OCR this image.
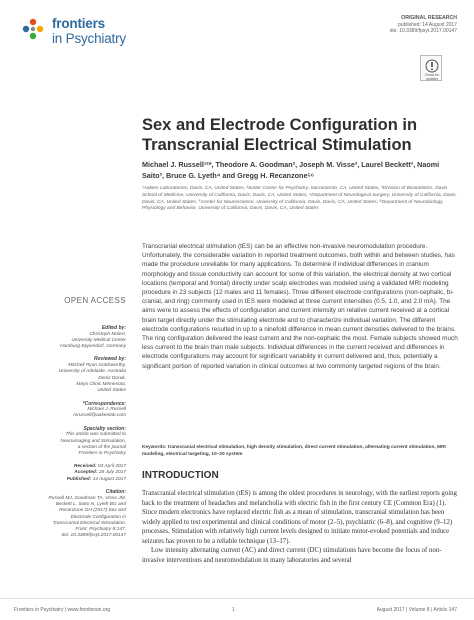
frontiers
in Psychiatry
ORIGINAL RESEARCH
published: 14 August 2017
doi: 10.3389/fpsyt.2017.00147
Check for
updates
Sex and Electrode Configuration in Transcranial Electrical Stimulation
Michael J. Russell¹²*, Theodore A. Goodman², Joseph M. Visse³, Laurel Beckett³, Naomi Saito³, Bruce G. Lyeth⁴ and Gregg H. Recanzone⁵⁶
¹Aakien Laboratories, Davis, CA, United States, ²Sutter Center for Psychiatry, Sacramento, CA, United States, ³Division of Biostatistics, Davis School of Medicine, University of California, Davis, Davis, CA, United States, ⁴Department of Neurological Surgery, University of California, Davis, Davis, CA, United States, ⁵Center for Neuroscience, University of California, Davis, Davis, CA, United States, ⁶Department of Neurobiology, Physiology and Behavior, University of California, Davis, Davis, CA, United States

Transcranial electrical stimulation (tES) can be an effective non-invasive neuromodulation procedure. Unfortunately, the considerable variation in reported treatment outcomes, both within and between studies, has made the procedure unreliable for many applications. To determine if individual differences in cranium morphology and tissue conductivity can account for some of this variation, the electrical density at two cortical locations (temporal and frontal) directly under scalp electrodes was modeled using a validated MRI modeling procedure in 23 subjects (12 males and 11 females). Three different electrode configurations (non-cephalic, bi-cranial, and ring) commonly used in tES were modeled at three current intensities (0.5, 1.0, and 2.0 mA). The aims were to assess the effects of configuration and current intensity on relative current received at a cortical brain target directly under the stimulating electrode and to characterize individual variation. The different electrode configurations resulted in up to a ninefold difference in mean current densities delivered to the brains. The ring configuration delivered the least current and the non-cephalic the most. Female subjects showed much less current to the brain than male subjects. Individual differences in the current received and differences in electrode configurations may account for significant variability in current delivered and, thus, potentially a significant portion of reported variation in clinical outcomes at two commonly targeted regions of the brain.

Keywords: transcranial electrical stimulation, high density stimulation, direct current stimulation, alternating current stimulation, MRI modeling, electrical targeting, 10–20 system
INTRODUCTION

Transcranial electrical stimulation (tES) is among the oldest procedures in neurology, with the earliest reports going back to the treatment of headaches and melancholia with electric fish in the first century CE (Common Era) (1). Since modern electronics have replaced electric fish as a mean of stimulation, transcranial stimulation has been widely applied to test experimental and clinical conditions of motor (2–5), psychiatric (6–8), and cognitive (9–12) processes. Stimulation with relatively high current levels designed to initiate motor-evoked potentials and induce seizures has proven to be a reliable technique (13–17).

Low intensity alternating current (AC) and direct current (DC) stimulations have become the focus of non-invasive interventions and neuromodulation in many laboratories and several

OPEN ACCESS
Edited by:
Christoph Mulert,
University Medical Center
Hamburg-Eppendorf, Germany
Reviewed by:
Mitchell Ryan Goldsworthy,
University of Adelaide, Australia
Deniz Doruk,
Mayo Clinic Minnesota,
United States
*Correspondence:
Michael J. Russell
mrussell@aakenlab.com
Specialty section:
This article was submitted to
Neuroimaging and Stimulation,
a section of the journal
Frontiers in Psychiatry
Received: 03 April 2017
Accepted: 28 July 2017
Published: 14 August 2017
Citation:
Russell MJ, Goodman TA, Visse JM,
Beckett L, Saito N, Lyeth BG and
Recanzone GH (2017) Sex and
Electrode Configuration in
Transcranial Electrical Stimulation.
Front. Psychiatry 8:147.
doi: 10.3389/fpsyt.2017.00147
Frontiers in Psychiatry | www.frontiersin.org	1	August 2017 | Volume 8 | Article 147
